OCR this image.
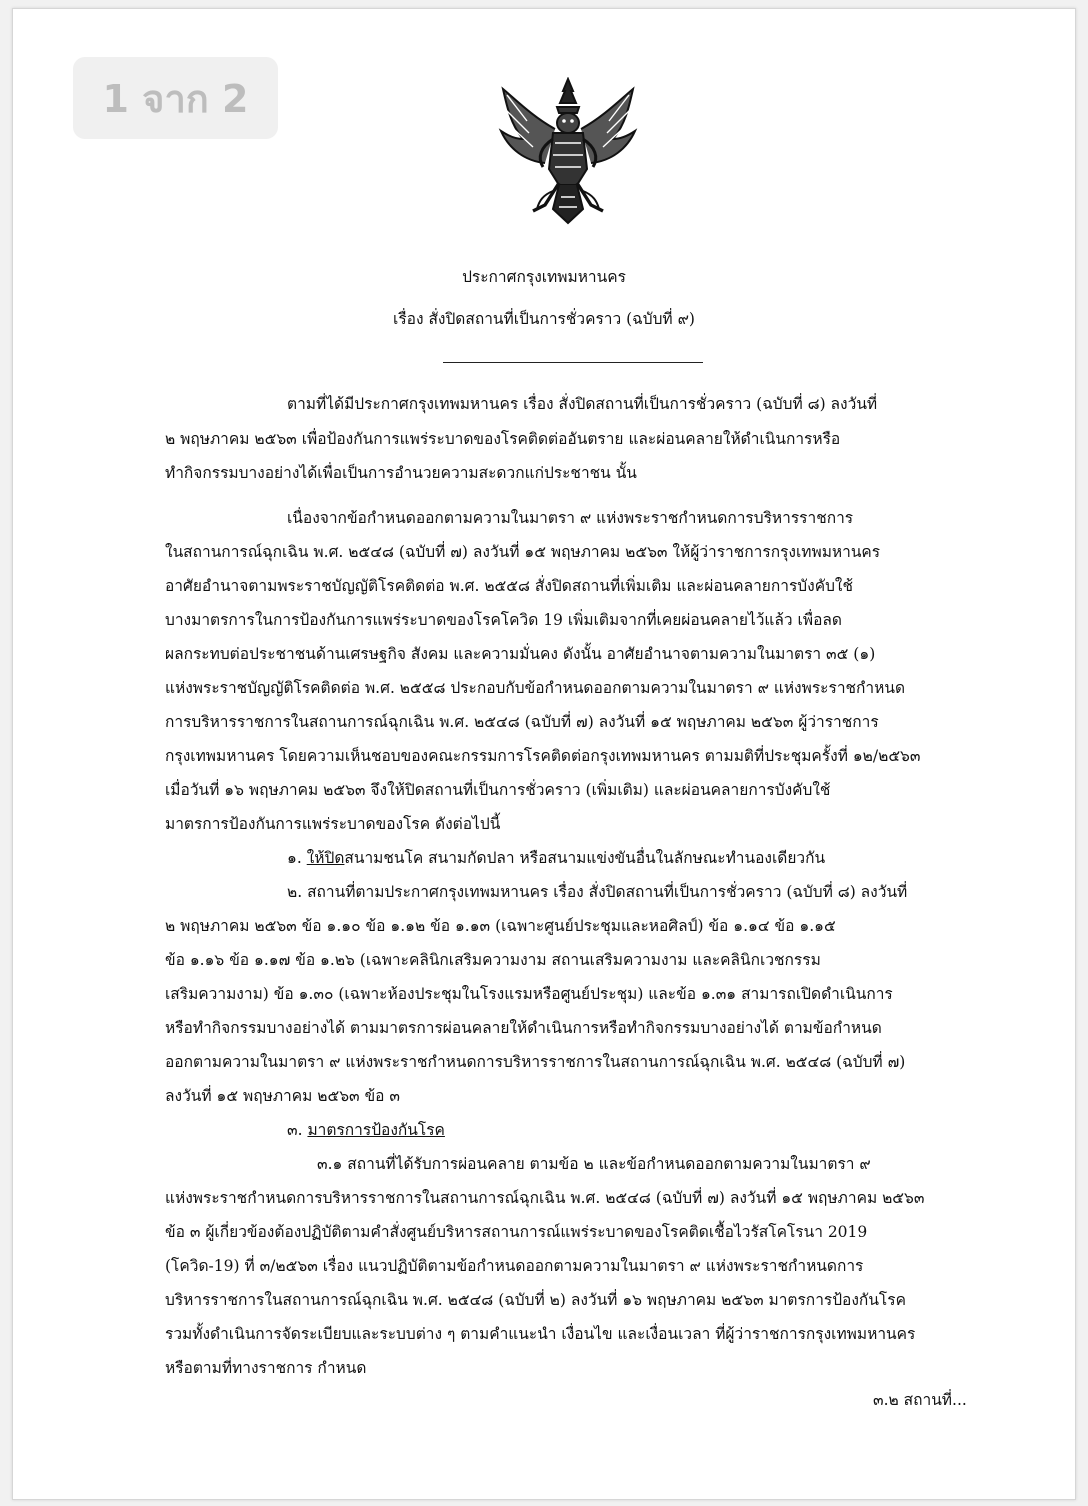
1 จาก 2
ประกาศกรุงเทพมหานคร
เรื่อง สั่งปิดสถานที่เป็นการชั่วคราว (ฉบับที่ ๙)
ตามที่ได้มีประกาศกรุงเทพมหานคร เรื่อง สั่งปิดสถานที่เป็นการชั่วคราว (ฉบับที่ ๘) ลงวันที่
๒ พฤษภาคม ๒๕๖๓ เพื่อป้องกันการแพร่ระบาดของโรคติดต่ออันตราย และผ่อนคลายให้ดำเนินการหรือ
ทำกิจกรรมบางอย่างได้เพื่อเป็นการอำนวยความสะดวกแก่ประชาชน นั้น
เนื่องจากข้อกำหนดออกตามความในมาตรา ๙ แห่งพระราชกำหนดการบริหารราชการ
ในสถานการณ์ฉุกเฉิน พ.ศ. ๒๕๔๘ (ฉบับที่ ๗) ลงวันที่ ๑๕ พฤษภาคม ๒๕๖๓ ให้ผู้ว่าราชการกรุงเทพมหานคร
อาศัยอำนาจตามพระราชบัญญัติโรคติดต่อ พ.ศ. ๒๕๕๘ สั่งปิดสถานที่เพิ่มเติม และผ่อนคลายการบังคับใช้
บางมาตรการในการป้องกันการแพร่ระบาดของโรคโควิด 19 เพิ่มเติมจากที่เคยผ่อนคลายไว้แล้ว เพื่อลด
ผลกระทบต่อประชาชนด้านเศรษฐกิจ สังคม และความมั่นคง ดังนั้น อาศัยอำนาจตามความในมาตรา ๓๕ (๑)
แห่งพระราชบัญญัติโรคติดต่อ พ.ศ. ๒๕๕๘ ประกอบกับข้อกำหนดออกตามความในมาตรา ๙ แห่งพระราชกำหนด
การบริหารราชการในสถานการณ์ฉุกเฉิน พ.ศ. ๒๕๔๘ (ฉบับที่ ๗) ลงวันที่ ๑๕ พฤษภาคม ๒๕๖๓ ผู้ว่าราชการ
กรุงเทพมหานคร โดยความเห็นชอบของคณะกรรมการโรคติดต่อกรุงเทพมหานคร ตามมติที่ประชุมครั้งที่ ๑๒/๒๕๖๓
เมื่อวันที่ ๑๖ พฤษภาคม ๒๕๖๓ จึงให้ปิดสถานที่เป็นการชั่วคราว (เพิ่มเติม) และผ่อนคลายการบังคับใช้
มาตรการป้องกันการแพร่ระบาดของโรค ดังต่อไปนี้
๑. ให้ปิดสนามชนโค สนามกัดปลา หรือสนามแข่งขันอื่นในลักษณะทำนองเดียวกัน
๒. สถานที่ตามประกาศกรุงเทพมหานคร เรื่อง สั่งปิดสถานที่เป็นการชั่วคราว (ฉบับที่ ๘) ลงวันที่
๒ พฤษภาคม ๒๕๖๓ ข้อ ๑.๑๐ ข้อ ๑.๑๒ ข้อ ๑.๑๓ (เฉพาะศูนย์ประชุมและหอศิลป์) ข้อ ๑.๑๔ ข้อ ๑.๑๕
ข้อ ๑.๑๖ ข้อ ๑.๑๗ ข้อ ๑.๒๖ (เฉพาะคลินิกเสริมความงาม สถานเสริมความงาม และคลินิกเวชกรรม
เสริมความงาม) ข้อ ๑.๓๐ (เฉพาะห้องประชุมในโรงแรมหรือศูนย์ประชุม) และข้อ ๑.๓๑ สามารถเปิดดำเนินการ
หรือทำกิจกรรมบางอย่างได้ ตามมาตรการผ่อนคลายให้ดำเนินการหรือทำกิจกรรมบางอย่างได้ ตามข้อกำหนด
ออกตามความในมาตรา ๙ แห่งพระราชกำหนดการบริหารราชการในสถานการณ์ฉุกเฉิน พ.ศ. ๒๕๔๘ (ฉบับที่ ๗)
ลงวันที่ ๑๕ พฤษภาคม ๒๕๖๓ ข้อ ๓
๓. มาตรการป้องกันโรค
๓.๑ สถานที่ได้รับการผ่อนคลาย ตามข้อ ๒ และข้อกำหนดออกตามความในมาตรา ๙
แห่งพระราชกำหนดการบริหารราชการในสถานการณ์ฉุกเฉิน พ.ศ. ๒๕๔๘ (ฉบับที่ ๗) ลงวันที่ ๑๕ พฤษภาคม ๒๕๖๓
ข้อ ๓ ผู้เกี่ยวข้องต้องปฏิบัติตามคำสั่งศูนย์บริหารสถานการณ์แพร่ระบาดของโรคติดเชื้อไวรัสโคโรนา 2019
(โควิด-19) ที่ ๓/๒๕๖๓ เรื่อง แนวปฏิบัติตามข้อกำหนดออกตามความในมาตรา ๙ แห่งพระราชกำหนดการ
บริหารราชการในสถานการณ์ฉุกเฉิน พ.ศ. ๒๕๔๘ (ฉบับที่ ๒) ลงวันที่ ๑๖ พฤษภาคม ๒๕๖๓ มาตรการป้องกันโรค
รวมทั้งดำเนินการจัดระเบียบและระบบต่าง ๆ ตามคำแนะนำ เงื่อนไข และเงื่อนเวลา ที่ผู้ว่าราชการกรุงเทพมหานคร
หรือตามที่ทางราชการ กำหนด
๓.๒ สถานที่...
